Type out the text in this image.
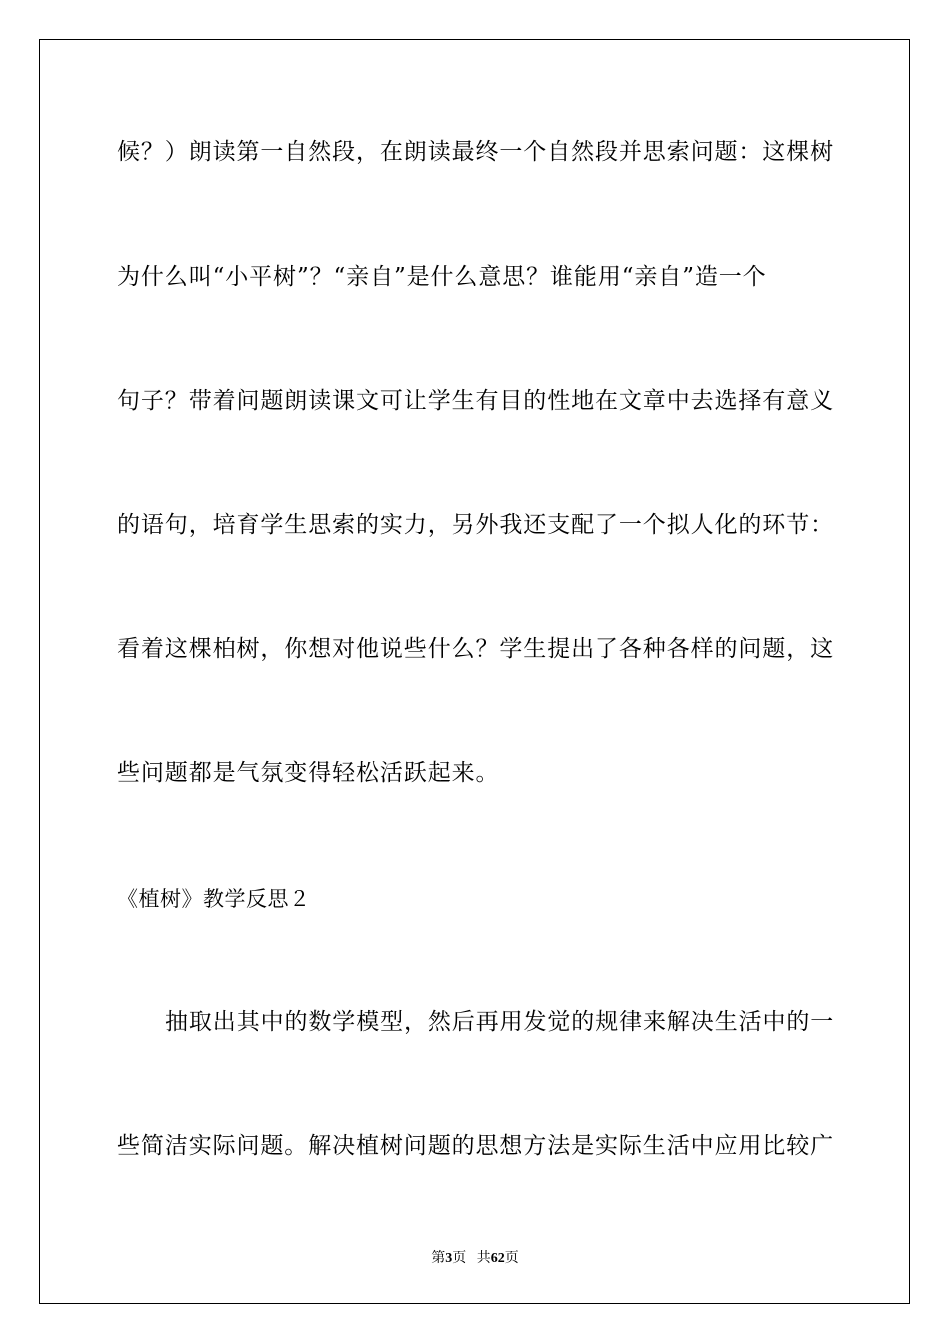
候？）朗读第一自然段，在朗读最终一个自然段并思索问题：这棵树
为什么叫“小平树”？“亲自”是什么意思？谁能用“亲自”造一个
句子？带着问题朗读课文可让学生有目的性地在文章中去选择有意义
的语句，培育学生思索的实力，另外我还支配了一个拟人化的环节：
看着这棵柏树，你想对他说些什么？学生提出了各种各样的问题，这
些问题都是气氛变得轻松活跃起来。
《植树》教学反思２
抽取出其中的数学模型，然后再用发觉的规律来解决生活中的一
些简洁实际问题。解决植树问题的思想方法是实际生活中应用比较广
第3页 共62页
